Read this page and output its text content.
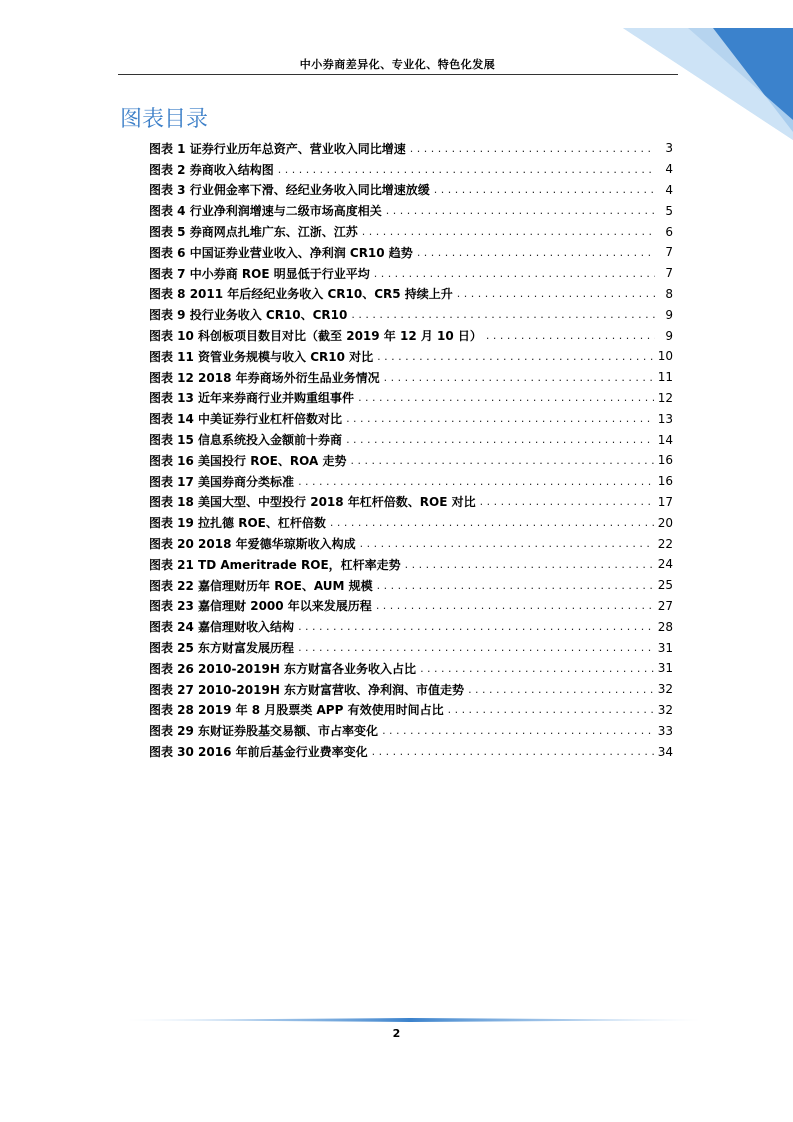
中小券商差异化、专业化、特色化发展
图表目录
图表 1 证券行业历年总资产、营业收入同比增速 . . .	3
图表 2 券商收入结构图 . . .	4
图表 3 行业佣金率下滑、经纪业务收入同比增速放缓 . . .	4
图表 4 行业净利润增速与二级市场高度相关 . . .	5
图表 5 券商网点扎堆广东、江浙、江苏 . . .	6
图表 6 中国证券业营业收入、净利润 CR10 趋势 . . .	7
图表 7 中小券商 ROE 明显低于行业平均 . . .	7
图表 8 2011 年后经纪业务收入 CR10、CR5 持续上升 . . .	8
图表 9 投行业务收入 CR10、CR10 . . .	9
图表 10 科创板项目数目对比（截至 2019 年 12 月 10 日） . . .	9
图表 11 资管业务规模与收入 CR10 对比 . . .	10
图表 12 2018 年券商场外衍生品业务情况 . . .	11
图表 13 近年来券商行业并购重组事件 . . .	12
图表 14 中美证券行业杠杆倍数对比 . . .	13
图表 15 信息系统投入金额前十券商 . . .	14
图表 16 美国投行 ROE、ROA 走势 . . .	16
图表 17 美国券商分类标准 . . .	16
图表 18 美国大型、中型投行 2018 年杠杆倍数、ROE 对比 . . .	17
图表 19 拉扎德 ROE、杠杆倍数 . . .	20
图表 20 2018 年爱德华琼斯收入构成 . . .	22
图表 21 TD Ameritrade ROE，杠杆率走势 . . .	24
图表 22 嘉信理财历年 ROE、AUM 规模 . . .	25
图表 23 嘉信理财 2000 年以来发展历程 . . .	27
图表 24 嘉信理财收入结构 . . .	28
图表 25 东方财富发展历程 . . .	31
图表 26 2010-2019H 东方财富各业务收入占比 . . .	31
图表 27 2010-2019H 东方财富营收、净利润、市值走势 . . .	32
图表 28 2019 年 8 月股票类 APP 有效使用时间占比 . . .	32
图表 29 东财证券股基交易额、市占率变化 . . .	33
图表 30 2016 年前后基金行业费率变化 . . .	34
2
